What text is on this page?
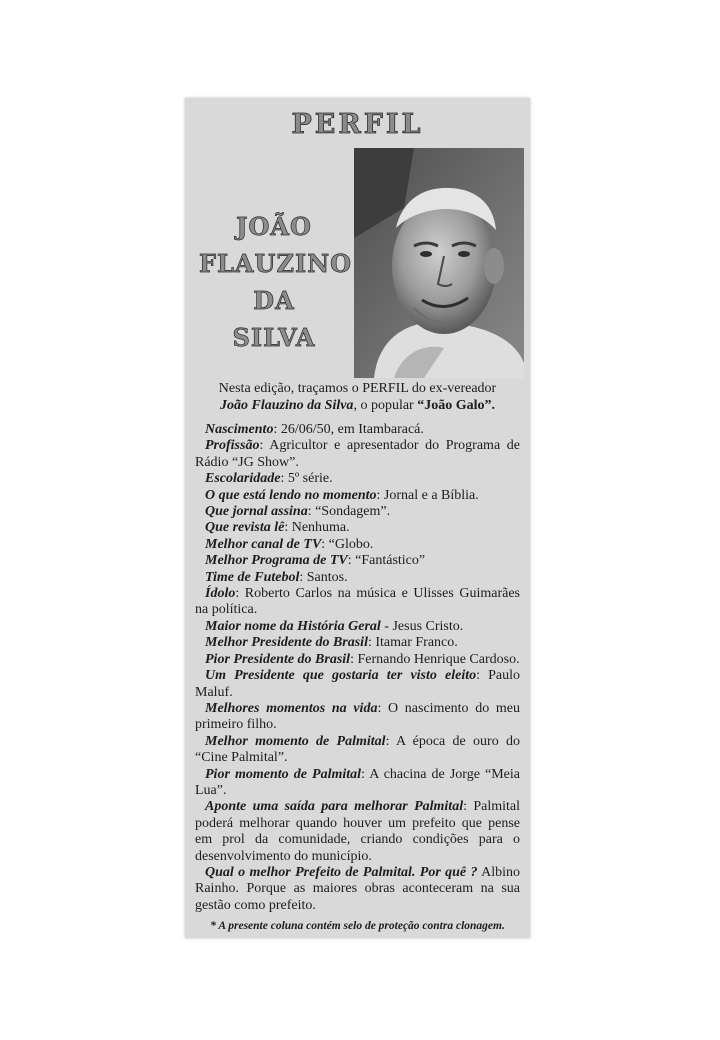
PERFIL
JOÃO
FLAUZINO
DA
SILVA

Nesta edição, traçamos o PERFIL do ex-vereador
João Flauzino da Silva, o popular “João Galo”.

Nascimento: 26/06/50, em Itambaracá.

Profissão: Agricultor e apresentador do Programa de Rádio “JG Show”.

Escolaridade: 5º série.

O que está lendo no momento: Jornal e a Bíblia.

Que jornal assina: “Sondagem”.

Que revista lê: Nenhuma.

Melhor canal de TV: “Globo.

Melhor Programa de TV: “Fantástico”

Time de Futebol: Santos.

Ídolo: Roberto Carlos na música e Ulisses Guimarães na política.

Maior nome da História Geral - Jesus Cristo.

Melhor Presidente do Brasil: Itamar Franco.

Pior Presidente do Brasil: Fernando Henrique Cardoso.

Um Presidente que gostaria ter visto eleito: Paulo Maluf.

Melhores momentos na vida: O nascimento do meu primeiro filho.

Melhor momento de Palmital: A época de ouro do “Cine Palmital”.

Pior momento de Palmital: A chacina de Jorge “Meia Lua”.

Aponte uma saída para melhorar Palmital: Palmital poderá melhorar quando houver um prefeito que pense em prol da comunidade, criando condições para o desenvolvimento do município.

Qual o melhor Prefeito de Palmital. Por quê ? Albino Rainho. Porque as maiores obras aconteceram na sua gestão como prefeito.

* A presente coluna contém selo de proteção contra clonagem.
